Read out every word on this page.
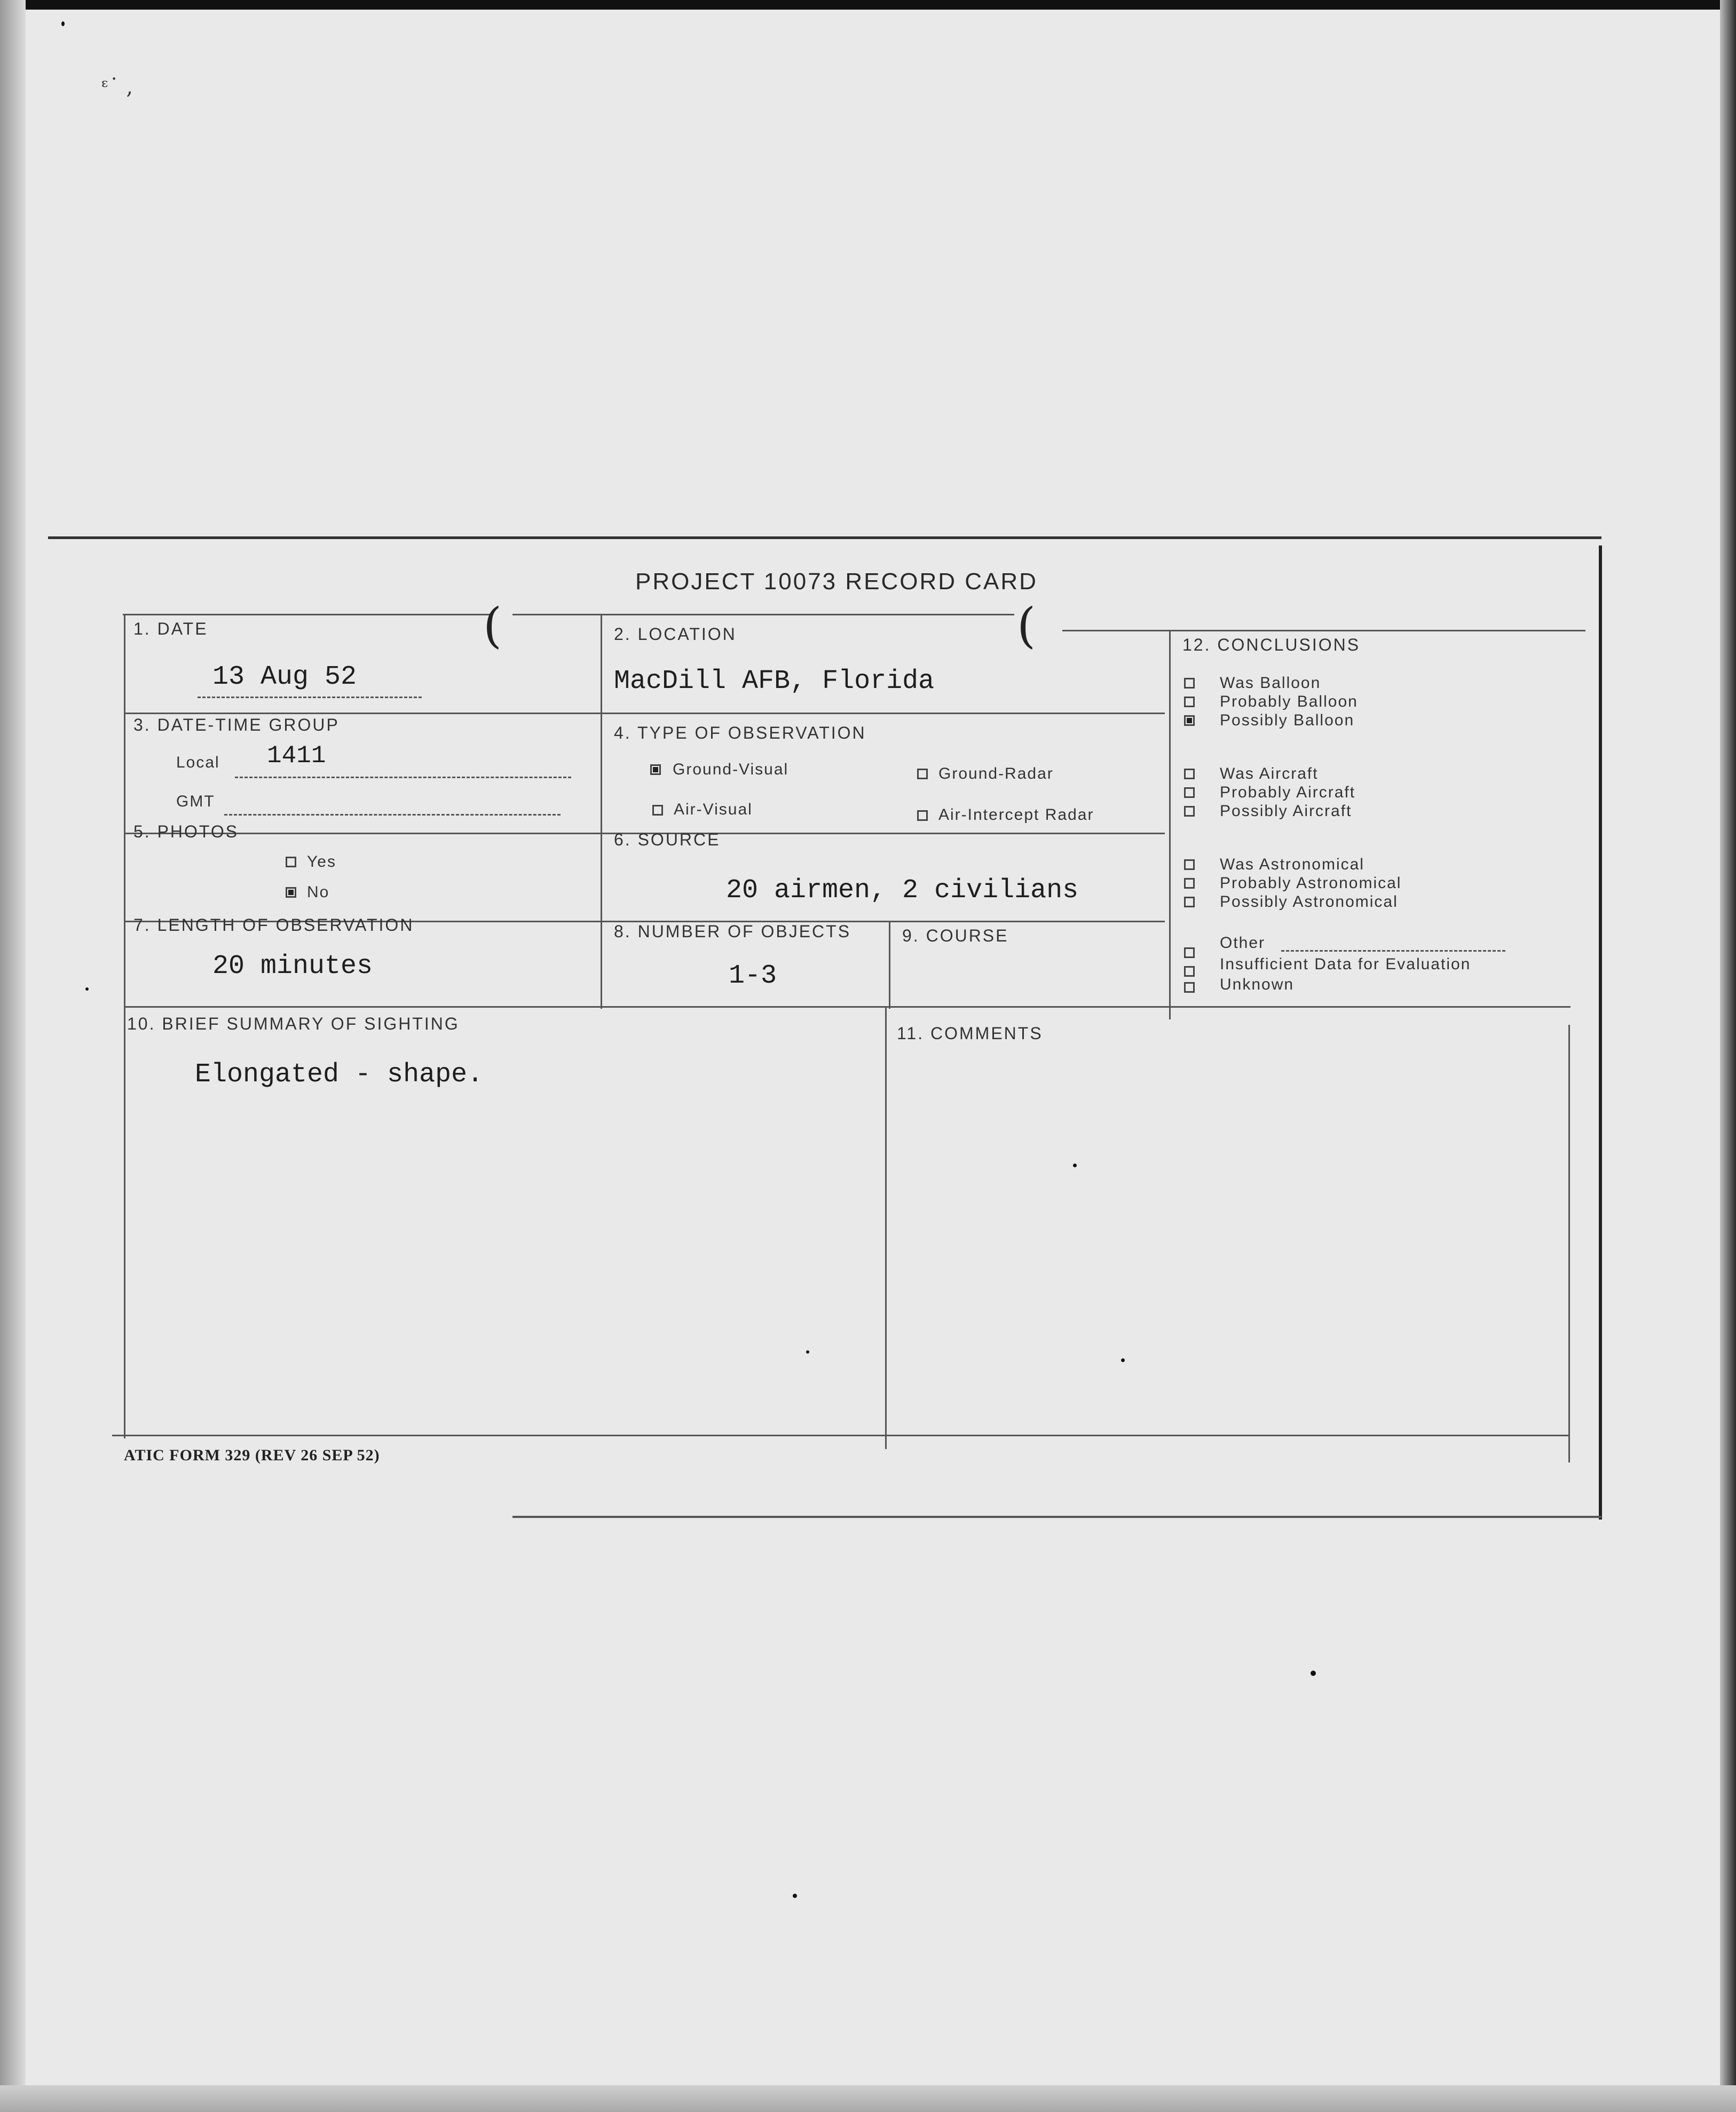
ᵋ˙ ,
PROJECT 10073 RECORD CARD
(	(
1. DATE
13 Aug 52
2. LOCATION
MacDill AFB, Florida
3. DATE-TIME GROUP
Local 1411
GMT
4. TYPE OF OBSERVATION
Ground-Visual	Ground-Radar
Air-Visual	Air-Intercept Radar
5. PHOTOS
Yes
No
6. SOURCE
20 airmen, 2 civilians
7. LENGTH OF OBSERVATION
20 minutes
8. NUMBER OF OBJECTS
1-3
9. COURSE
10. BRIEF SUMMARY OF SIGHTING
Elongated - shape.
11. COMMENTS
12. CONCLUSIONS
Was Balloon
Probably Balloon
Possibly Balloon
Was Aircraft
Probably Aircraft
Possibly Aircraft
Was Astronomical
Probably Astronomical
Possibly Astronomical
Other
Insufficient Data for Evaluation
Unknown
ATIC FORM 329 (REV 26 SEP 52)
